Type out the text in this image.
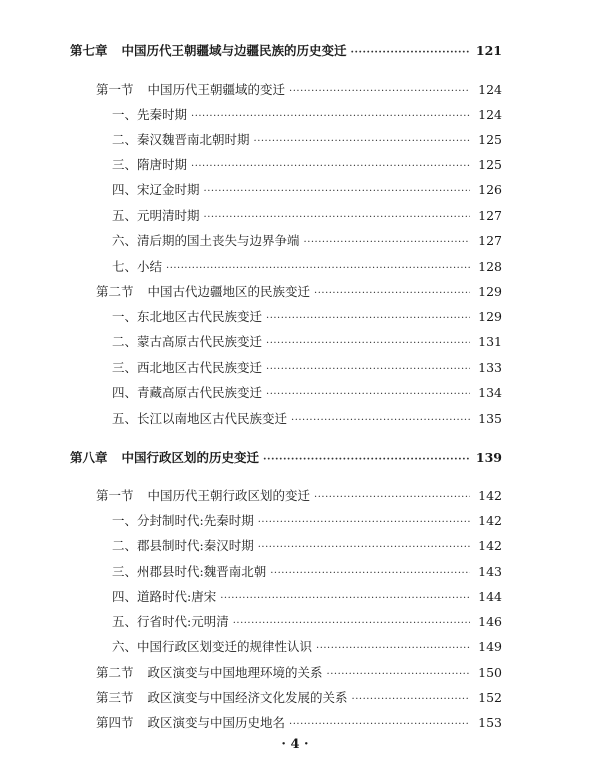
第七章 中国历代王朝疆域与边疆民族的历史变迁 ·····	121
第一节 中国历代王朝疆域的变迁 ·····	124
一、先秦时期 ·····	124
二、秦汉魏晋南北朝时期 ·····	125
三、隋唐时期 ·····	125
四、宋辽金时期 ·····	126
五、元明清时期 ·····	127
六、清后期的国土丧失与边界争端 ·····	127
七、小结 ·····	128
第二节 中国古代边疆地区的民族变迁 ·····	129
一、东北地区古代民族变迁 ·····	129
二、蒙古高原古代民族变迁 ·····	131
三、西北地区古代民族变迁 ·····	133
四、青藏高原古代民族变迁 ·····	134
五、长江以南地区古代民族变迁 ·····	135
第八章 中国行政区划的历史变迁 ·····	139
第一节 中国历代王朝行政区划的变迁 ·····	142
一、分封制时代:先秦时期 ·····	142
二、郡县制时代:秦汉时期 ·····	142
三、州郡县时代:魏晋南北朝 ·····	143
四、道路时代:唐宋 ·····	144
五、行省时代:元明清 ·····	146
六、中国行政区划变迁的规律性认识 ·····	149
第二节 政区演变与中国地理环境的关系 ·····	150
第三节 政区演变与中国经济文化发展的关系 ·····	152
第四节 政区演变与中国历史地名 ·····	153
· 4 ·
